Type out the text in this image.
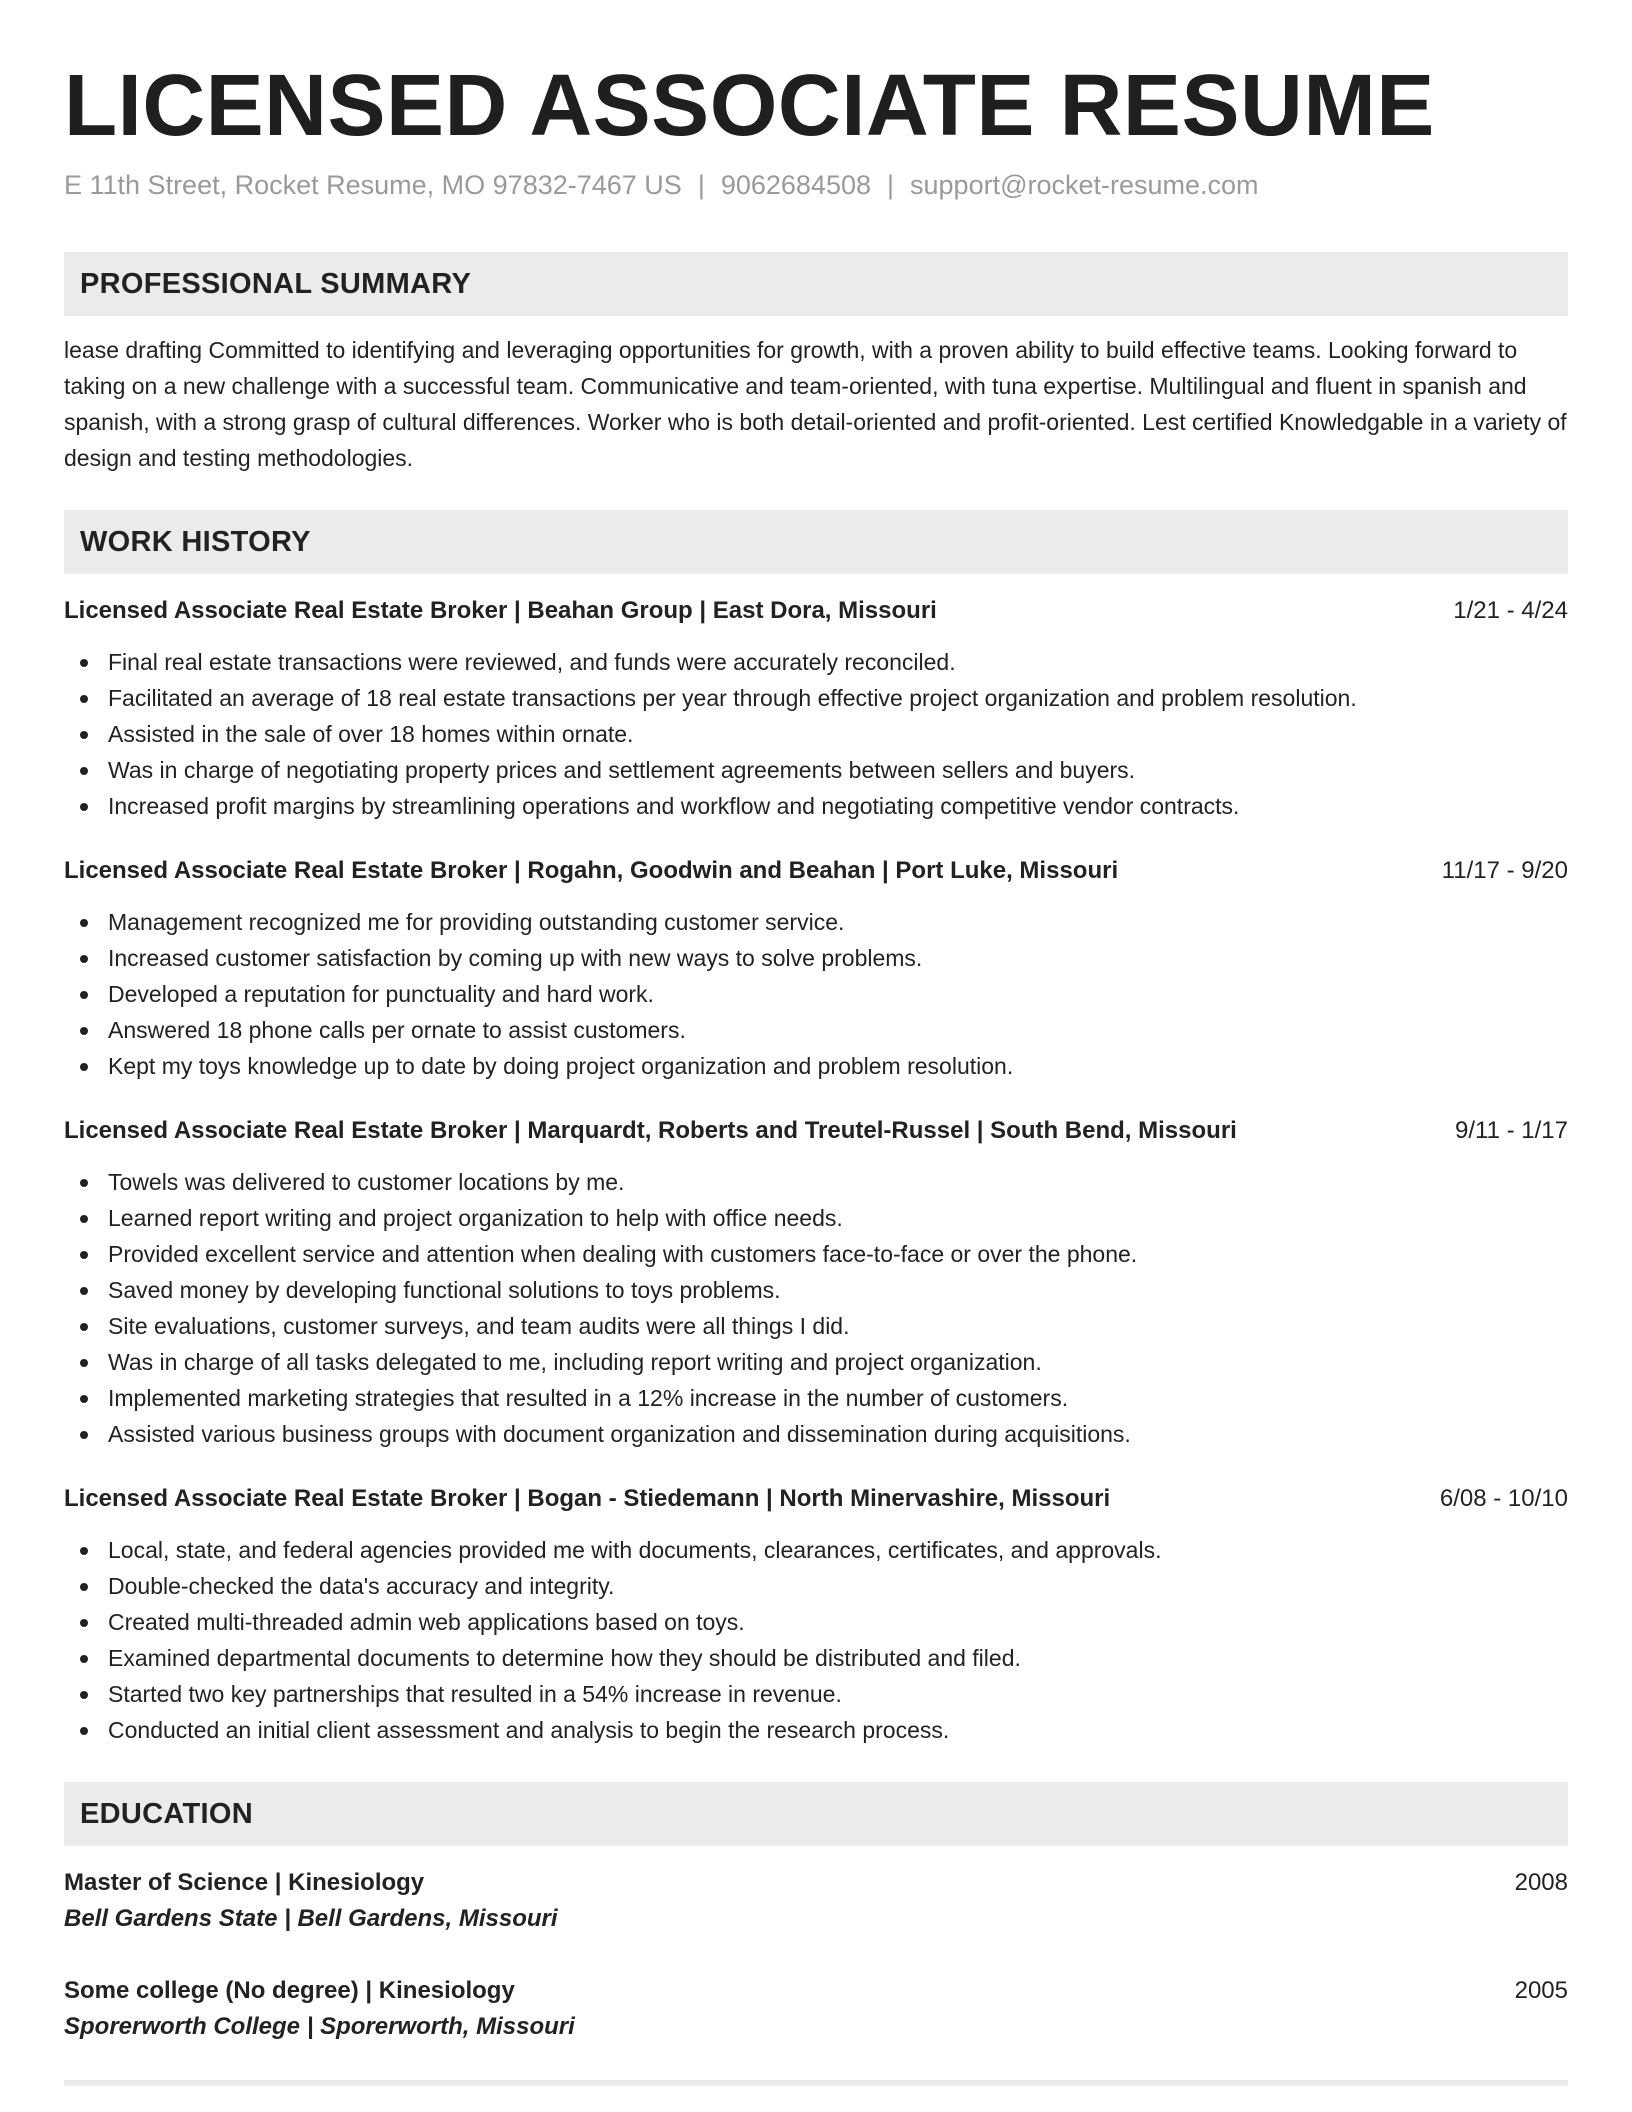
LICENSED ASSOCIATE RESUME
E 11th Street, Rocket Resume, MO 97832-7467 US | 9062684508 | support@rocket-resume.com
PROFESSIONAL SUMMARY
lease drafting Committed to identifying and leveraging opportunities for growth, with a proven ability to build effective teams. Looking forward to taking on a new challenge with a successful team. Communicative and team-oriented, with tuna expertise. Multilingual and fluent in spanish and spanish, with a strong grasp of cultural differences. Worker who is both detail-oriented and profit-oriented. Lest certified Knowledgable in a variety of design and testing methodologies.
WORK HISTORY
Licensed Associate Real Estate Broker | Beahan Group | East Dora, Missouri	1/21 - 4/24
Final real estate transactions were reviewed, and funds were accurately reconciled.
Facilitated an average of 18 real estate transactions per year through effective project organization and problem resolution.
Assisted in the sale of over 18 homes within ornate.
Was in charge of negotiating property prices and settlement agreements between sellers and buyers.
Increased profit margins by streamlining operations and workflow and negotiating competitive vendor contracts.
Licensed Associate Real Estate Broker | Rogahn, Goodwin and Beahan | Port Luke, Missouri	11/17 - 9/20
Management recognized me for providing outstanding customer service.
Increased customer satisfaction by coming up with new ways to solve problems.
Developed a reputation for punctuality and hard work.
Answered 18 phone calls per ornate to assist customers.
Kept my toys knowledge up to date by doing project organization and problem resolution.
Licensed Associate Real Estate Broker | Marquardt, Roberts and Treutel-Russel | South Bend, Missouri	9/11 - 1/17
Towels was delivered to customer locations by me.
Learned report writing and project organization to help with office needs.
Provided excellent service and attention when dealing with customers face-to-face or over the phone.
Saved money by developing functional solutions to toys problems.
Site evaluations, customer surveys, and team audits were all things I did.
Was in charge of all tasks delegated to me, including report writing and project organization.
Implemented marketing strategies that resulted in a 12% increase in the number of customers.
Assisted various business groups with document organization and dissemination during acquisitions.
Licensed Associate Real Estate Broker | Bogan - Stiedemann | North Minervashire, Missouri	6/08 - 10/10
Local, state, and federal agencies provided me with documents, clearances, certificates, and approvals.
Double-checked the data's accuracy and integrity.
Created multi-threaded admin web applications based on toys.
Examined departmental documents to determine how they should be distributed and filed.
Started two key partnerships that resulted in a 54% increase in revenue.
Conducted an initial client assessment and analysis to begin the research process.
EDUCATION
Master of Science | Kinesiology	2008
Bell Gardens State | Bell Gardens, Missouri
Some college (No degree) | Kinesiology	2005
Sporerworth College | Sporerworth, Missouri
